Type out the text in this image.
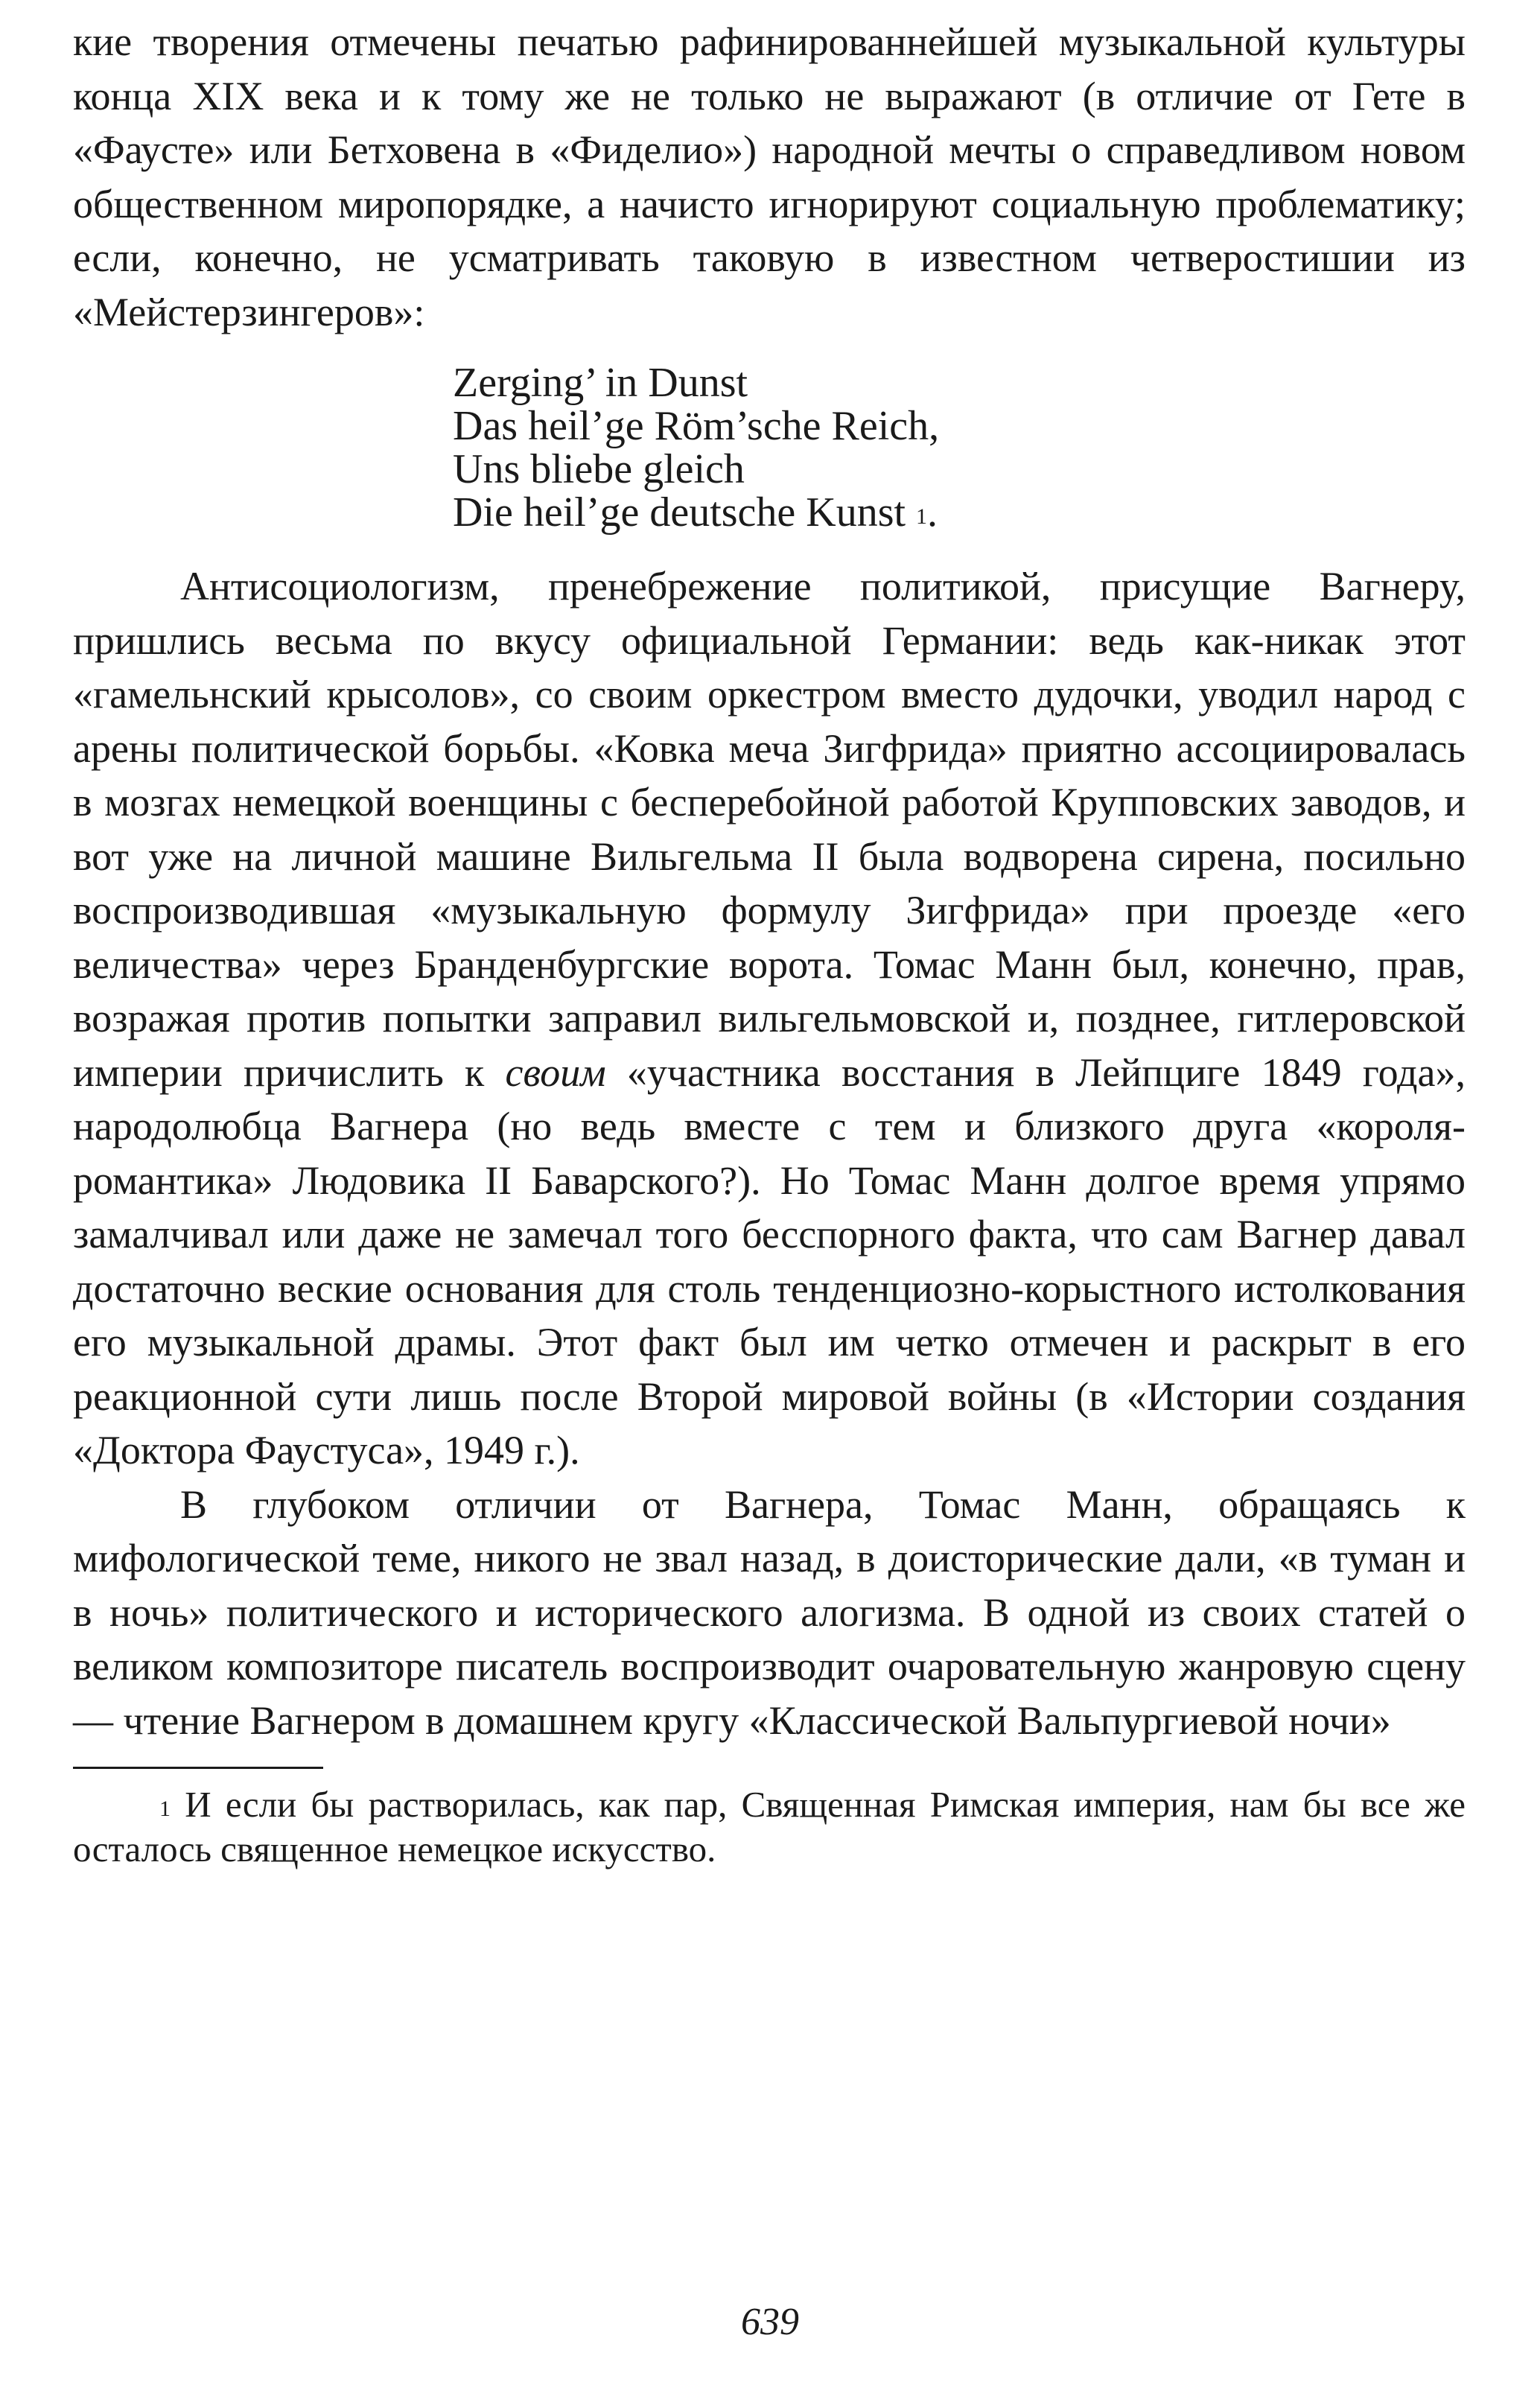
кие творения отмечены печатью рафинированнейшей музыкальной культуры конца XIX века и к тому же не только не выражают (в отличие от Гете в «Фаусте» или Бетховена в «Фиделио») народной мечты о справедливом новом общественном миропорядке, а начисто игнорируют социальную проблематику; если, конечно, не усматривать таковую в известном четверостишии из «Мейстерзингеров»:

Zerging’ in Dunst
Das heil’ge Röm’sche Reich,
Uns bliebe gleich
Die heil’ge deutsche Kunst $^1$.

Антисоциологизм, пренебрежение политикой, присущие Вагнеру, пришлись весьма по вкусу официальной Германии: ведь как-никак этот «гамельнский крысолов», со своим оркестром вместо дудочки, уводил народ с арены политической борьбы. «Ковка меча Зигфрида» приятно ассоциировалась в мозгах немецкой военщины с бесперебойной работой Крупповских заводов, и вот уже на личной машине Вильгельма II была водворена сирена, посильно воспроизводившая «музыкальную формулу Зигфрида» при проезде «его величества» через Бранденбургские ворота. Томас Манн был, конечно, прав, возражая против попытки заправил вильгельмовской и, позднее, гитлеровской империи причислить к своим «участника восстания в Лейпциге 1849 года», народолюбца Вагнера (но ведь вместе с тем и близкого друга «короля-романтика» Людовика II Баварского?). Но Томас Манн долгое время упрямо замалчивал или даже не замечал того бесспорного факта, что сам Вагнер давал достаточно веские основания для столь тенденциозно-корыстного истолкования его музыкальной драмы. Этот факт был им четко отмечен и раскрыт в его реакционной сути лишь после Второй мировой войны (в «Истории создания «Доктора Фаустуса», 1949 г.).

В глубоком отличии от Вагнера, Томас Манн, обращаясь к мифологической теме, никого не звал назад, в доисторические дали, «в туман и в ночь» политического и исторического алогизма. В одной из своих статей о великом композиторе писатель воспроизводит очаровательную жанровую сцену — чтение Вагнером в домашнем кругу «Классической Вальпургиевой ночи»

$^1$ И если бы растворилась, как пар, Священная Римская империя, нам бы все же осталось священное немецкое искусство.

639
